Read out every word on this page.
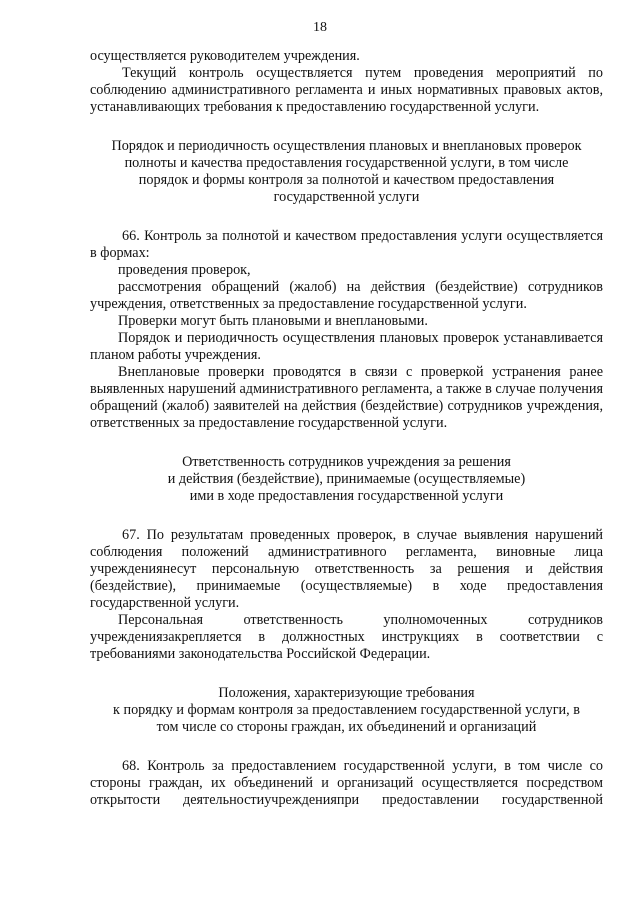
18

осуществляется руководителем учреждения.

Текущий контроль осуществляется путем проведения мероприятий по соблюдению административного регламента и иных нормативных правовых актов, устанавливающих требования к предоставлению государственной услуги.

Порядок и периодичность осуществления плановых и внеплановых проверок
полноты и качества предоставления государственной услуги, в том числе
порядок и формы контроля за полнотой и качеством предоставления
государственной услуги

66. Контроль за полнотой и качеством предоставления услуги осуществляется в формах:

проведения проверок,

рассмотрения обращений (жалоб) на действия (бездействие) сотрудников учреждения, ответственных за предоставление государственной услуги.

Проверки могут быть плановыми и внеплановыми.

Порядок и периодичность осуществления плановых проверок устанавливается планом работы учреждения.

Внеплановые проверки проводятся в связи с проверкой устранения ранее выявленных нарушений административного регламента, а также в случае получения обращений (жалоб) заявителей на действия (бездействие) сотрудников учреждения, ответственных за предоставление государственной услуги.

Ответственность сотрудников учреждения за решения
и действия (бездействие), принимаемые (осуществляемые)
ими в ходе предоставления государственной услуги

67. По результатам проведенных проверок, в случае выявления нарушений соблюдения положений административного регламента, виновные лица учреждениянесут персональную ответственность за решения и действия (бездействие), принимаемые (осуществляемые) в ходе предоставления государственной услуги.

Персональная ответственность уполномоченных сотрудников учреждениязакрепляется в должностных инструкциях в соответствии с требованиями законодательства Российской Федерации.

Положения, характеризующие требования
к порядку и формам контроля за предоставлением государственной услуги, в
том числе со стороны граждан, их объединений и организаций

68. Контроль за предоставлением государственной услуги, в том числе со стороны граждан, их объединений и организаций осуществляется посредством открытости деятельностиучрежденияпри предоставлении государственной
